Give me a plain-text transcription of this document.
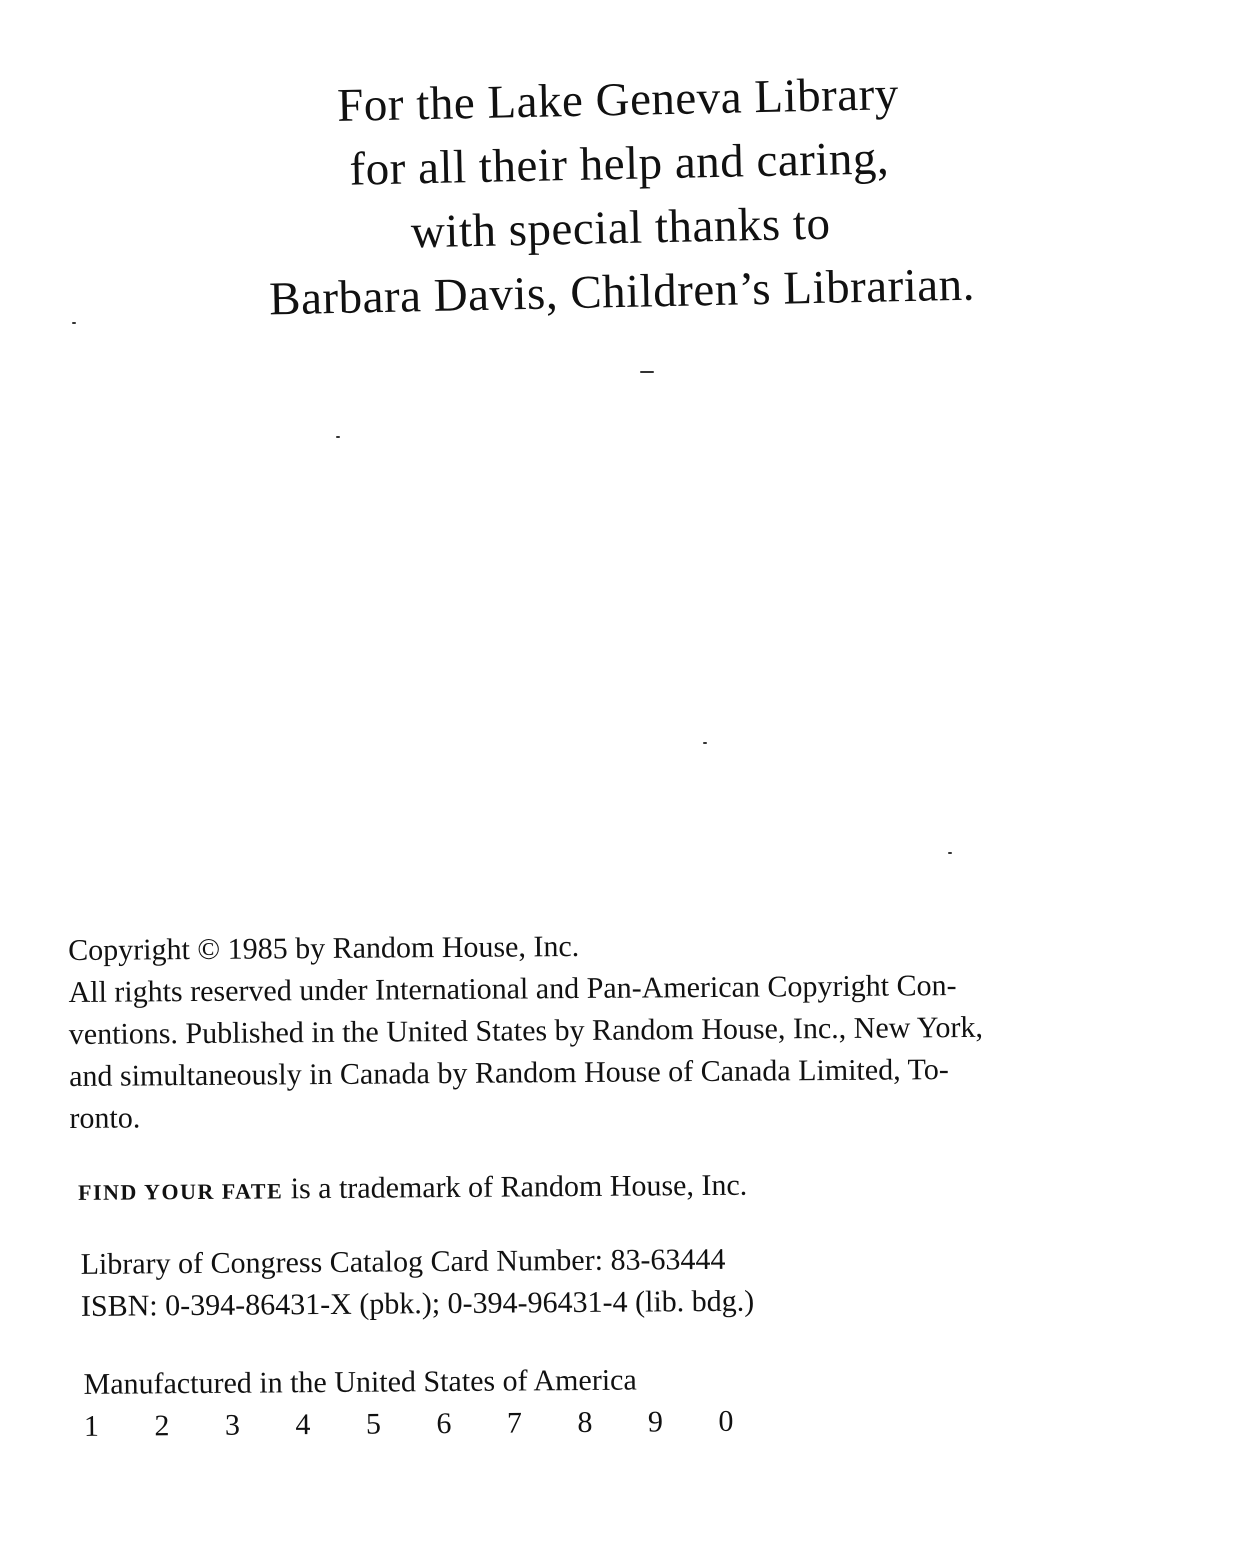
For the Lake Geneva Library
for all their help and caring,
with special thanks to
Barbara Davis, Children’s Librarian.

Copyright © 1985 by Random House, Inc.

All rights reserved under International and Pan-American Copyright Con-
ventions. Published in the United States by Random House, Inc., New York,
and simultaneously in Canada by Random House of Canada Limited, To-
ronto.

FIND YOUR FATE is a trademark of Random House, Inc.

Library of Congress Catalog Card Number: 83-63444
ISBN: 0-394-86431-X (pbk.); 0-394-96431-4 (lib. bdg.)

Manufactured in the United States of America
1 2 3 4 5 6 7 8 9 0
